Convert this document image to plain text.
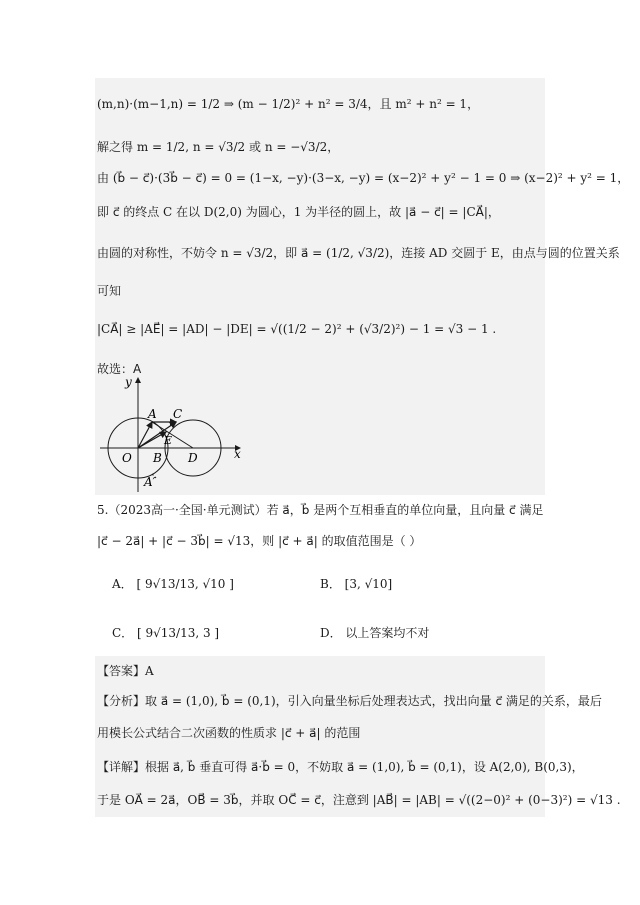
(m,n)·(m−1,n) = 1/2 ⇒ (m − 1/2)² + n² = 3/4，且 m² + n² = 1，
解之得 m = 1/2, n = √3/2 或 n = −√3/2，
由 (b⃗ − c⃗)·(3b⃗ − c⃗) = 0 = (1−x, −y)·(3−x, −y) = (x−2)² + y² − 1 = 0 ⇒ (x−2)² + y² = 1，
即 c⃗ 的终点 C 在以 D(2,0) 为圆心，1 为半径的圆上，故 |a⃗ − c⃗| = |CA⃗|，
由圆的对称性，不妨令 n = √3/2，即 a⃗ = (1/2, √3/2)，连接 AD 交圆于 E，由点与圆的位置关系
可知
|CA⃗| ≥ |AE⃗| = |AD| − |DE| = √((1/2 − 2)² + (√3/2)²) − 1 = √3 − 1 .
故选：A
y
x
O B D
A C
E
A′
5.（2023高一·全国·单元测试）若 a⃗，b⃗ 是两个互相垂直的单位向量，且向量 c⃗ 满足
|c⃗ − 2a⃗| + |c⃗ − 3b⃗| = √13，则 |c⃗ + a⃗| 的取值范围是（ ）
A． [ 9√13/13, √10 ]	B． [3, √10]
C． [ 9√13/13, 3 ]	D． 以上答案均不对
【答案】A
【分析】取 a⃗ = (1,0), b⃗ = (0,1)，引入向量坐标后处理表达式，找出向量 c⃗ 满足的关系，最后
用模长公式结合二次函数的性质求 |c⃗ + a⃗| 的范围
【详解】根据 a⃗, b⃗ 垂直可得 a⃗·b⃗ = 0，不妨取 a⃗ = (1,0), b⃗ = (0,1)，设 A(2,0), B(0,3)，
于是 OA⃗ = 2a⃗，OB⃗ = 3b⃗，并取 OC⃗ = c⃗，注意到 |AB⃗| = |AB| = √((2−0)² + (0−3)²) = √13 .
